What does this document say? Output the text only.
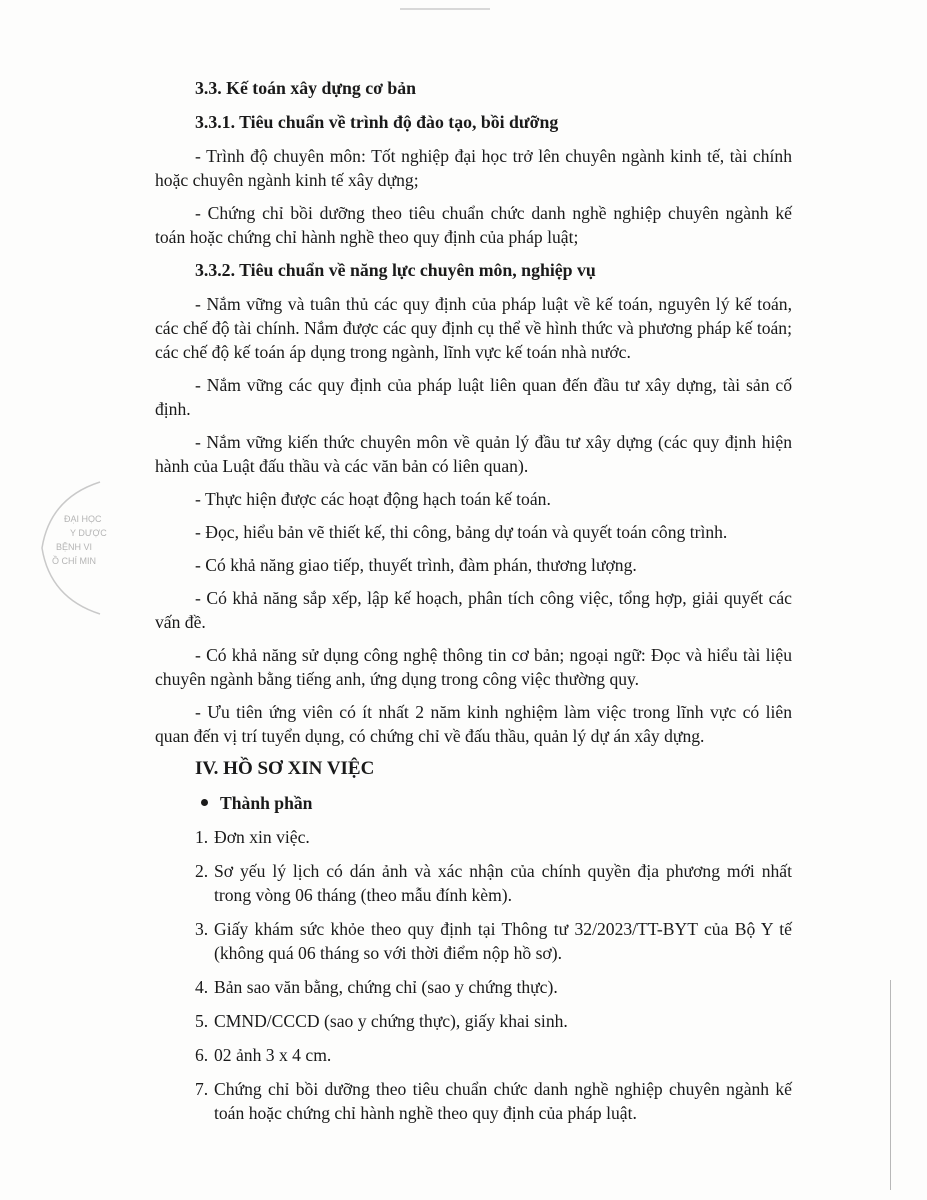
ĐẠI HỌC
Y DƯỢC
BỆNH VI
Ồ CHÍ MIN
3.3. Kế toán xây dựng cơ bản
3.3.1. Tiêu chuẩn về trình độ đào tạo, bồi dưỡng

- Trình độ chuyên môn: Tốt nghiệp đại học trở lên chuyên ngành kinh tế, tài chính hoặc chuyên ngành kinh tế xây dựng;

- Chứng chỉ bồi dưỡng theo tiêu chuẩn chức danh nghề nghiệp chuyên ngành kế toán hoặc chứng chỉ hành nghề theo quy định của pháp luật;

3.3.2. Tiêu chuẩn về năng lực chuyên môn, nghiệp vụ

- Nắm vững và tuân thủ các quy định của pháp luật về kế toán, nguyên lý kế toán, các chế độ tài chính. Nắm được các quy định cụ thể về hình thức và phương pháp kế toán; các chế độ kế toán áp dụng trong ngành, lĩnh vực kế toán nhà nước.

- Nắm vững các quy định của pháp luật liên quan đến đầu tư xây dựng, tài sản cố định.

- Nắm vững kiến thức chuyên môn về quản lý đầu tư xây dựng (các quy định hiện hành của Luật đấu thầu và các văn bản có liên quan).

- Thực hiện được các hoạt động hạch toán kế toán.

- Đọc, hiểu bản vẽ thiết kế, thi công, bảng dự toán và quyết toán công trình.

- Có khả năng giao tiếp, thuyết trình, đàm phán, thương lượng.

- Có khả năng sắp xếp, lập kế hoạch, phân tích công việc, tổng hợp, giải quyết các vấn đề.

- Có khả năng sử dụng công nghệ thông tin cơ bản; ngoại ngữ: Đọc và hiểu tài liệu chuyên ngành bằng tiếng anh, ứng dụng trong công việc thường quy.

- Ưu tiên ứng viên có ít nhất 2 năm kinh nghiệm làm việc trong lĩnh vực có liên quan đến vị trí tuyển dụng, có chứng chỉ về đấu thầu, quản lý dự án xây dựng.

IV. HỒ SƠ XIN VIỆC
Thành phần
1. Đơn xin việc.
2. Sơ yếu lý lịch có dán ảnh và xác nhận của chính quyền địa phương mới nhất trong vòng 06 tháng (theo mẫu đính kèm).
3. Giấy khám sức khỏe theo quy định tại Thông tư 32/2023/TT-BYT của Bộ Y tế (không quá 06 tháng so với thời điểm nộp hồ sơ).
4. Bản sao văn bằng, chứng chỉ (sao y chứng thực).
5. CMND/CCCD (sao y chứng thực), giấy khai sinh.
6. 02 ảnh 3 x 4 cm.
7. Chứng chỉ bồi dưỡng theo tiêu chuẩn chức danh nghề nghiệp chuyên ngành kế toán hoặc chứng chỉ hành nghề theo quy định của pháp luật.
